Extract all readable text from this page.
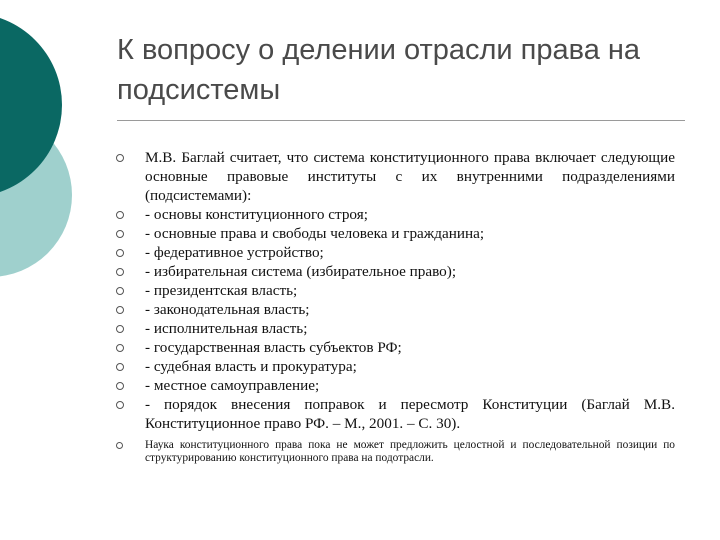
К вопросу о делении отрасли права на подсистемы
М.В. Баглай считает, что система конституционного права включает следующие основные правовые институты с их внутренними подразделениями (подсистемами):
- основы конституционного строя;
- основные права и свободы человека и гражданина;
- федеративное устройство;
- избирательная система (избирательное право);
- президентская власть;
- законодательная власть;
- исполнительная власть;
- государственная власть субъектов РФ;
- судебная власть и прокуратура;
- местное самоуправление;
- порядок внесения поправок и пересмотр Конституции (Баглай М.В. Конституционное право РФ. – М., 2001. – С. 30).
Наука конституционного права пока не может предложить целостной и последовательной позиции по структурированию конституционного права на подотрасли.
